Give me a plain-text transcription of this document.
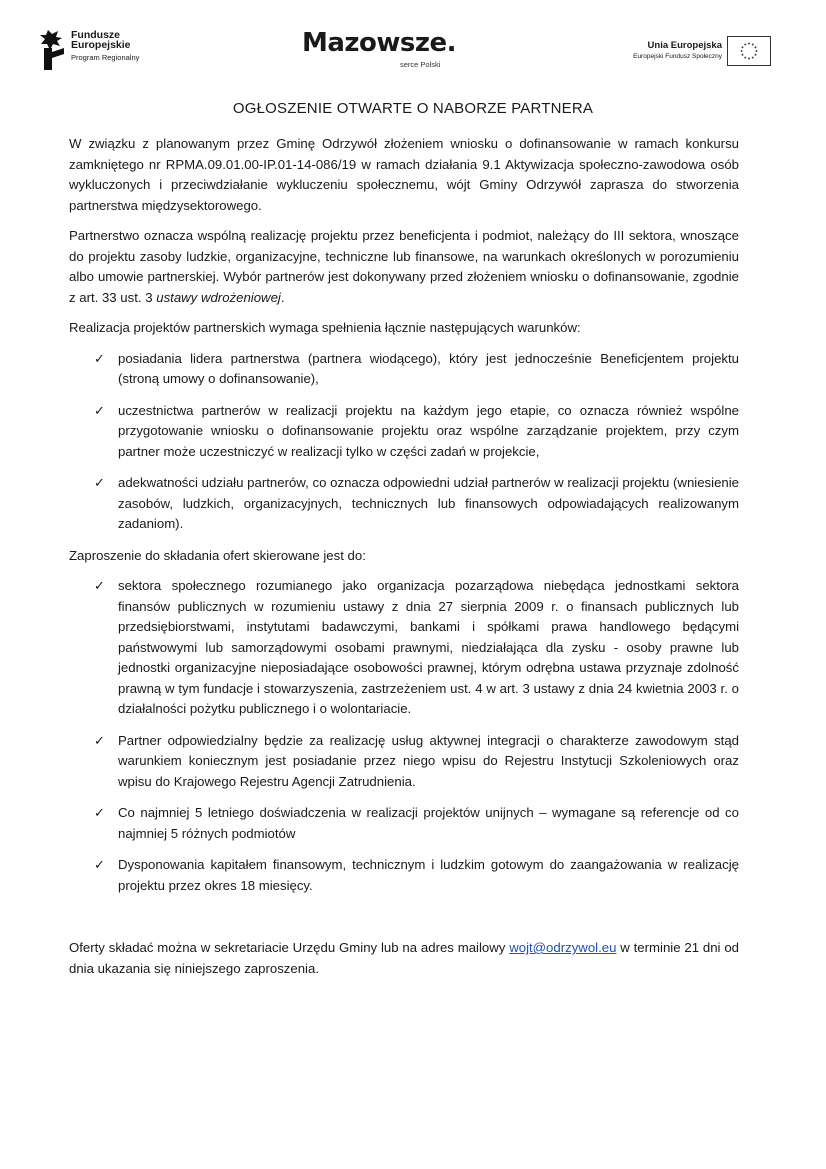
Fundusze
Europejskie
Program Regionalny	Mazowsze.
serce Polski
Unia Europejska
Europejski Fundusz Społeczny
OGŁOSZENIE OTWARTE O NABORZE PARTNERA

W związku z planowanym przez Gminę Odrzywół złożeniem wniosku o dofinansowanie w ramach konkursu zamkniętego nr RPMA.09.01.00-IP.01-14-086/19 w ramach działania 9.1 Aktywizacja społeczno-zawodowa osób wykluczonych i przeciwdziałanie wykluczeniu społecznemu, wójt Gminy Odrzywół zaprasza do stworzenia partnerstwa międzysektorowego.

Partnerstwo oznacza wspólną realizację projektu przez beneficjenta i podmiot, należący do III sektora, wnoszące do projektu zasoby ludzkie, organizacyjne, techniczne lub finansowe, na warunkach określonych w porozumieniu albo umowie partnerskiej. Wybór partnerów jest dokonywany przed złożeniem wniosku o dofinansowanie, zgodnie z art. 33 ust. 3 ustawy wdrożeniowej.

Realizacja projektów partnerskich wymaga spełnienia łącznie następujących warunków:

✓ posiadania lidera partnerstwa (partnera wiodącego), który jest jednocześnie Beneficjentem projektu (stroną umowy o dofinansowanie),
✓ uczestnictwa partnerów w realizacji projektu na każdym jego etapie, co oznacza również wspólne przygotowanie wniosku o dofinansowanie projektu oraz wspólne zarządzanie projektem, przy czym partner może uczestniczyć w realizacji tylko w części zadań w projekcie,
✓ adekwatności udziału partnerów, co oznacza odpowiedni udział partnerów w realizacji projektu (wniesienie zasobów, ludzkich, organizacyjnych, technicznych lub finansowych odpowiadających realizowanym zadaniom).

Zaproszenie do składania ofert skierowane jest do:

✓ sektora społecznego rozumianego jako organizacja pozarządowa niebędąca jednostkami sektora finansów publicznych w rozumieniu ustawy z dnia 27 sierpnia 2009 r. o finansach publicznych lub przedsiębiorstwami, instytutami badawczymi, bankami i spółkami prawa handlowego będącymi państwowymi lub samorządowymi osobami prawnymi, niedziałająca dla zysku - osoby prawne lub jednostki organizacyjne nieposiadające osobowości prawnej, którym odrębna ustawa przyznaje zdolność prawną w tym fundacje i stowarzyszenia, zastrzeżeniem ust. 4 w art. 3 ustawy z dnia 24 kwietnia 2003 r. o działalności pożytku publicznego i o wolontariacie.
✓ Partner odpowiedzialny będzie za realizację usług aktywnej integracji o charakterze zawodowym stąd warunkiem koniecznym jest posiadanie przez niego wpisu do Rejestru Instytucji Szkoleniowych oraz wpisu do Krajowego Rejestru Agencji Zatrudnienia.
✓ Co najmniej 5 letniego doświadczenia w realizacji projektów unijnych – wymagane są referencje od co najmniej 5 różnych podmiotów
✓ Dysponowania kapitałem finansowym, technicznym i ludzkim gotowym do zaangażowania w realizację projektu przez okres 18 miesięcy.

Oferty składać można w sekretariacie Urzędu Gminy lub na adres mailowy wojt@odrzywol.eu w terminie 21 dni od dnia ukazania się niniejszego zaproszenia.
